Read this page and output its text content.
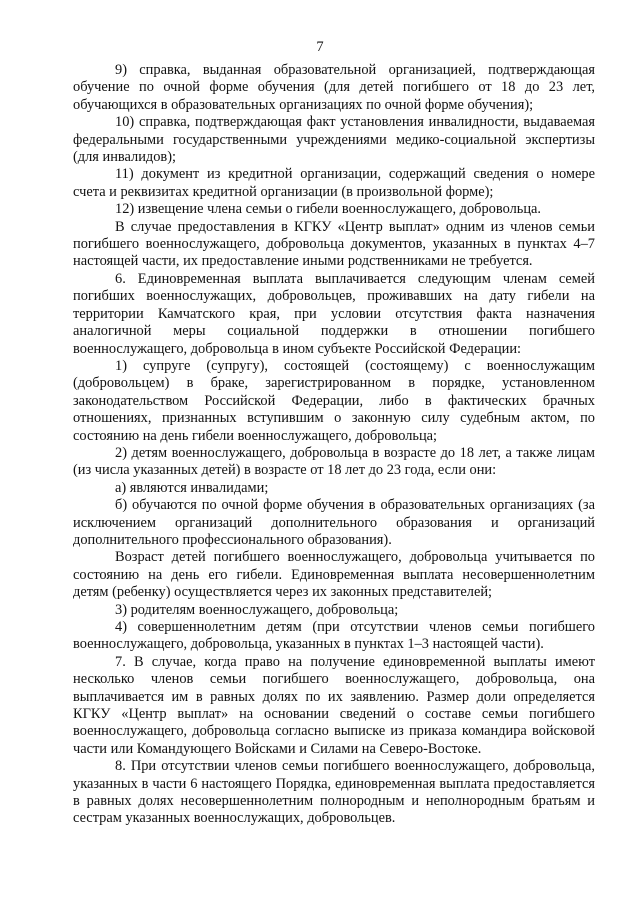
7

9) справка, выданная образовательной организацией, подтверждающая обучение по очной форме обучения (для детей погибшего от 18 до 23 лет, обучающихся в образовательных организациях по очной форме обучения);

10) справка, подтверждающая факт установления инвалидности, выдаваемая федеральными государственными учреждениями медико-социальной экспертизы (для инвалидов);

11) документ из кредитной организации, содержащий сведения о номере счета и реквизитах кредитной организации (в произвольной форме);

12) извещение члена семьи о гибели военнослужащего, добровольца.

В случае предоставления в КГКУ «Центр выплат» одним из членов семьи погибшего военнослужащего, добровольца документов, указанных в пунктах 4–7 настоящей части, их предоставление иными родственниками не требуется.

6. Единовременная выплата выплачивается следующим членам семей погибших военнослужащих, добровольцев, проживавших на дату гибели на территории Камчатского края, при условии отсутствия факта назначения аналогичной меры социальной поддержки в отношении погибшего военнослужащего, добровольца в ином субъекте Российской Федерации:

1) супруге (супругу), состоящей (состоящему) с военнослужащим (добровольцем) в браке, зарегистрированном в порядке, установленном законодательством Российской Федерации, либо в фактических брачных отношениях, признанных вступившим о законную силу судебным актом, по состоянию на день гибели военнослужащего, добровольца;

2) детям военнослужащего, добровольца в возрасте до 18 лет, а также лицам (из числа указанных детей) в возрасте от 18 лет до 23 года, если они:

а) являются инвалидами;

б) обучаются по очной форме обучения в образовательных организациях (за исключением организаций дополнительного образования и организаций дополнительного профессионального образования).

Возраст детей погибшего военнослужащего, добровольца учитывается по состоянию на день его гибели. Единовременная выплата несовершеннолетним детям (ребенку) осуществляется через их законных представителей;

3) родителям военнослужащего, добровольца;

4) совершеннолетним детям (при отсутствии членов семьи погибшего военнослужащего, добровольца, указанных в пунктах 1–3 настоящей части).

7. В случае, когда право на получение единовременной выплаты имеют несколько членов семьи погибшего военнослужащего, добровольца, она выплачивается им в равных долях по их заявлению. Размер доли определяется КГКУ «Центр выплат» на основании сведений о составе семьи погибшего военнослужащего, добровольца согласно выписке из приказа командира войсковой части или Командующего Войсками и Силами на Северо-Востоке.

8. При отсутствии членов семьи погибшего военнослужащего, добровольца, указанных в части 6 настоящего Порядка, единовременная выплата предоставляется в равных долях несовершеннолетним полнородным и неполнородным братьям и сестрам указанных военнослужащих, добровольцев.
